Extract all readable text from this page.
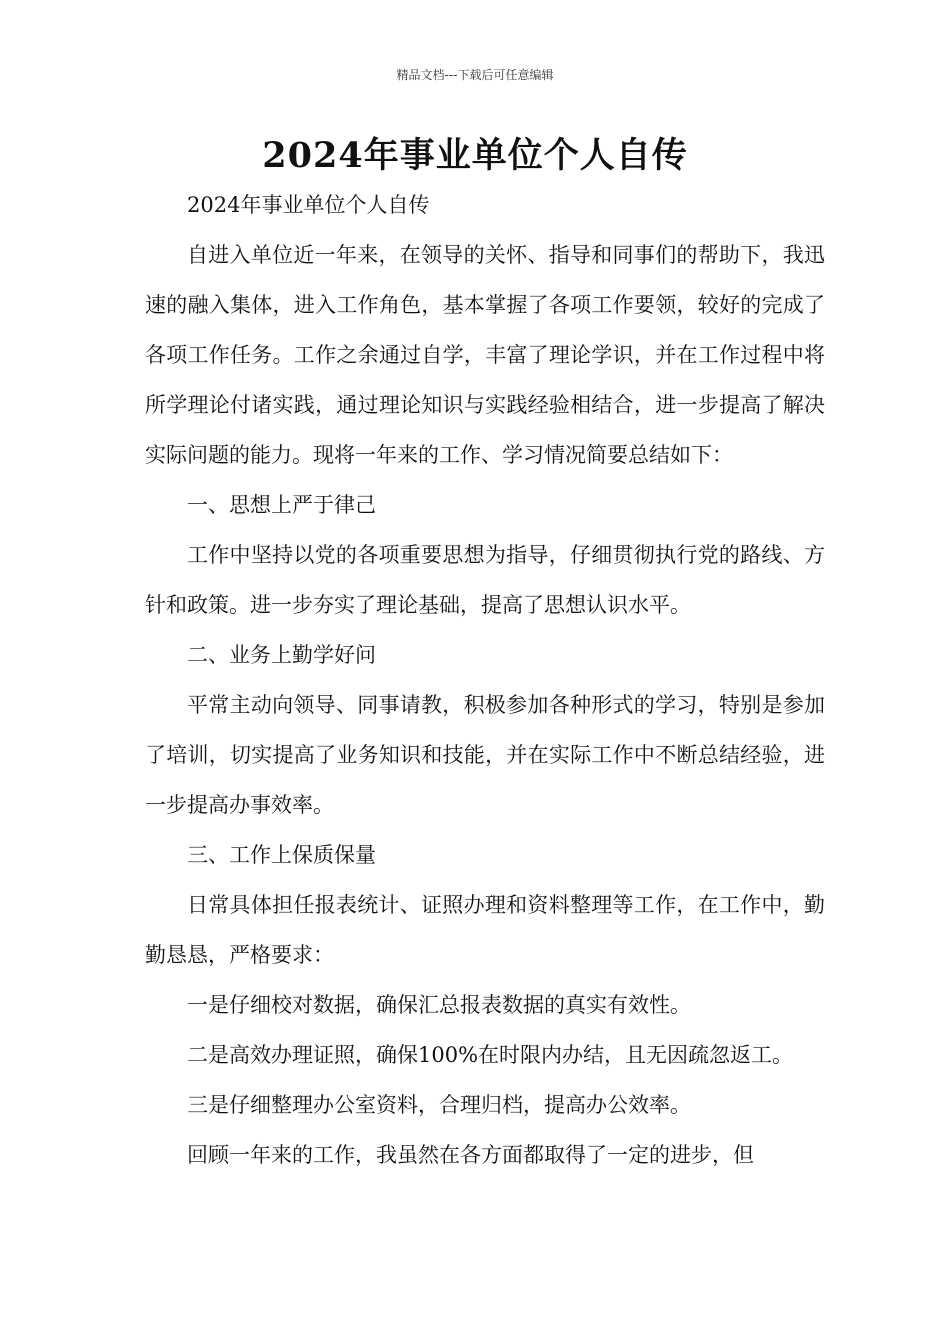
精品文档---下载后可任意编辑
2024年事业单位个人自传

2024年事业单位个人自传

自进入单位近一年来，在领导的关怀、指导和同事们的帮助下，我迅速的融入集体，进入工作角色，基本掌握了各项工作要领，较好的完成了各项工作任务。工作之余通过自学，丰富了理论学识，并在工作过程中将所学理论付诸实践，通过理论知识与实践经验相结合，进一步提高了解决实际问题的能力。现将一年来的工作、学习情况简要总结如下：

一、思想上严于律己

工作中坚持以党的各项重要思想为指导，仔细贯彻执行党的路线、方针和政策。进一步夯实了理论基础，提高了思想认识水平。

二、业务上勤学好问

平常主动向领导、同事请教，积极参加各种形式的学习，特别是参加了培训，切实提高了业务知识和技能，并在实际工作中不断总结经验，进一步提高办事效率。

三、工作上保质保量

日常具体担任报表统计、证照办理和资料整理等工作，在工作中，勤勤恳恳，严格要求：

一是仔细校对数据，确保汇总报表数据的真实有效性。

二是高效办理证照，确保100%在时限内办结，且无因疏忽返工。

三是仔细整理办公室资料，合理归档，提高办公效率。

回顾一年来的工作，我虽然在各方面都取得了一定的进步，但
